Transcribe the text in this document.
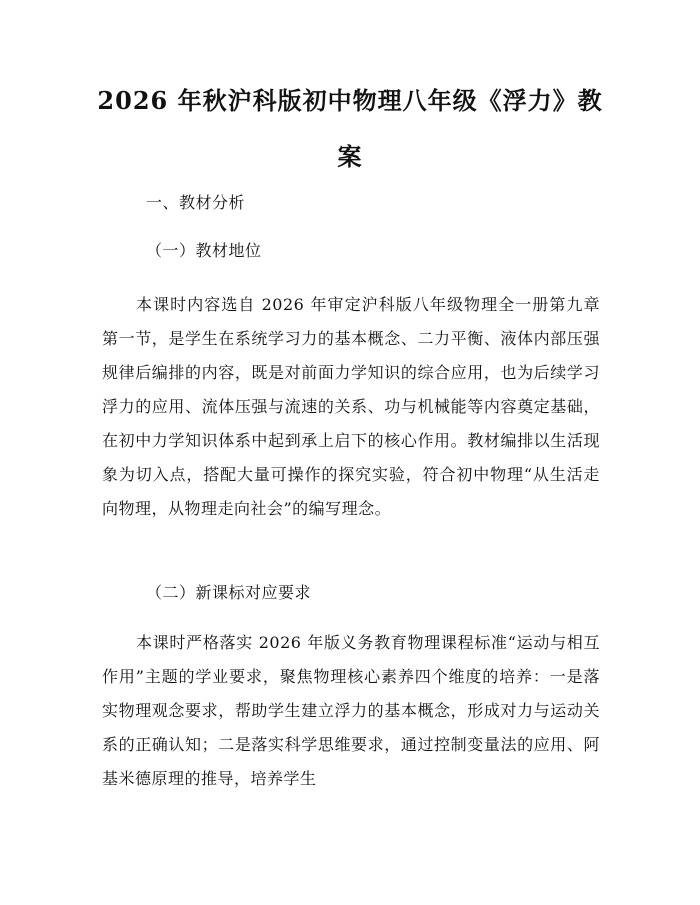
2026 年秋沪科版初中物理八年级《浮力》教案
一、教材分析
（一）教材地位
本课时内容选自 2026 年审定沪科版八年级物理全一册第九章第一节，是学生在系统学习力的基本概念、二力平衡、液体内部压强规律后编排的内容，既是对前面力学知识的综合应用，也为后续学习浮力的应用、流体压强与流速的关系、功与机械能等内容奠定基础，在初中力学知识体系中起到承上启下的核心作用。教材编排以生活现象为切入点，搭配大量可操作的探究实验，符合初中物理“从生活走向物理，从物理走向社会”的编写理念。
（二）新课标对应要求
本课时严格落实 2026 年版义务教育物理课程标准“运动与相互作用”主题的学业要求，聚焦物理核心素养四个维度的培养：一是落实物理观念要求，帮助学生建立浮力的基本概念，形成对力与运动关系的正确认知；二是落实科学思维要求，通过控制变量法的应用、阿基米德原理的推导，培养学生
